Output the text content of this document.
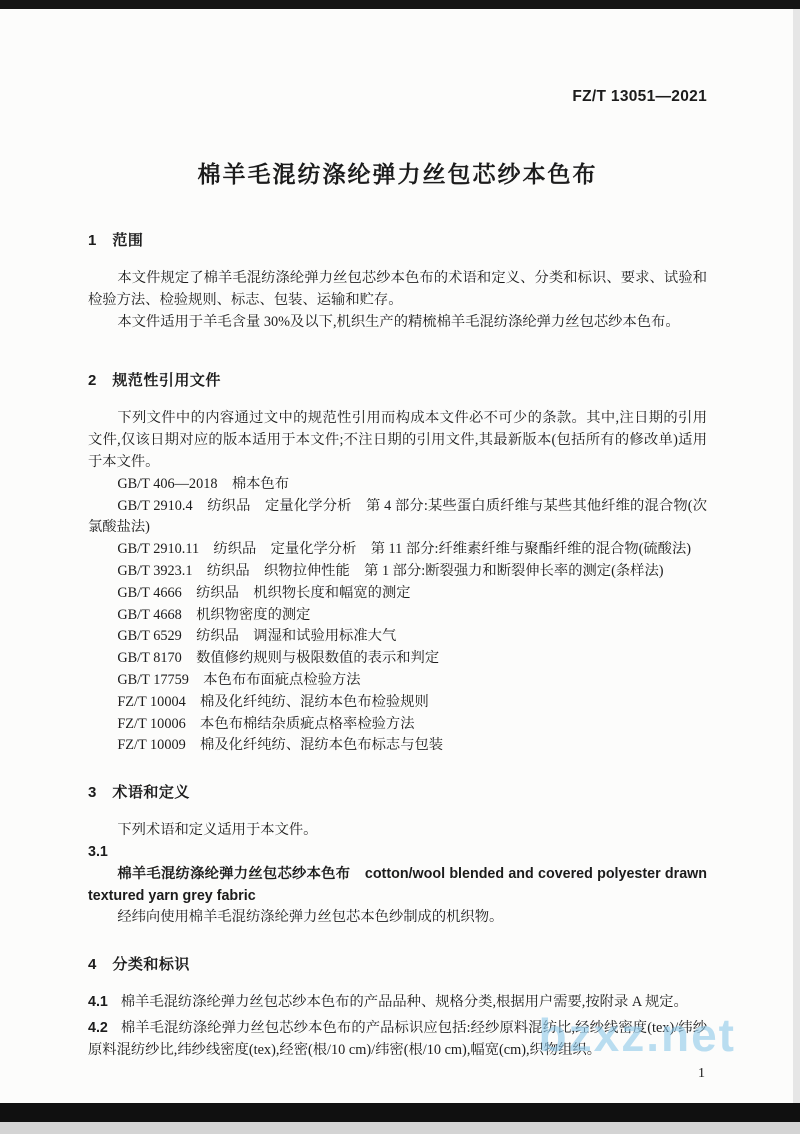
FZ/T 13051—2021
棉羊毛混纺涤纶弹力丝包芯纱本色布
1　范围

本文件规定了棉羊毛混纺涤纶弹力丝包芯纱本色布的术语和定义、分类和标识、要求、试验和检验方法、检验规则、标志、包装、运输和贮存。

本文件适用于羊毛含量 30%及以下,机织生产的精梳棉羊毛混纺涤纶弹力丝包芯纱本色布。

2　规范性引用文件

下列文件中的内容通过文中的规范性引用而构成本文件必不可少的条款。其中,注日期的引用文件,仅该日期对应的版本适用于本文件;不注日期的引用文件,其最新版本(包括所有的修改单)适用于本文件。

GB/T 406—2018　棉本色布

GB/T 2910.4　纺织品　定量化学分析　第 4 部分:某些蛋白质纤维与某些其他纤维的混合物(次氯酸盐法)

GB/T 2910.11　纺织品　定量化学分析　第 11 部分:纤维素纤维与聚酯纤维的混合物(硫酸法)

GB/T 3923.1　纺织品　织物拉伸性能　第 1 部分:断裂强力和断裂伸长率的测定(条样法)

GB/T 4666　纺织品　机织物长度和幅宽的测定

GB/T 4668　机织物密度的测定

GB/T 6529　纺织品　调湿和试验用标准大气

GB/T 8170　数值修约规则与极限数值的表示和判定

GB/T 17759　本色布布面疵点检验方法

FZ/T 10004　棉及化纤纯纺、混纺本色布检验规则

FZ/T 10006　本色布棉结杂质疵点格率检验方法

FZ/T 10009　棉及化纤纯纺、混纺本色布标志与包装

3　术语和定义

下列术语和定义适用于本文件。

3.1

棉羊毛混纺涤纶弹力丝包芯纱本色布　cotton/wool blended and covered polyester drawn textured yarn grey fabric

经纬向使用棉羊毛混纺涤纶弹力丝包芯本色纱制成的机织物。

4　分类和标识

4.1 棉羊毛混纺涤纶弹力丝包芯纱本色布的产品品种、规格分类,根据用户需要,按附录 A 规定。

4.2 棉羊毛混纺涤纶弹力丝包芯纱本色布的产品标识应包括:经纱原料混纺比,经纱线密度(tex)/纬纱原料混纺纱比,纬纱线密度(tex),经密(根/10 cm)/纬密(根/10 cm),幅宽(cm),织物组织。

1
bzxz.net
